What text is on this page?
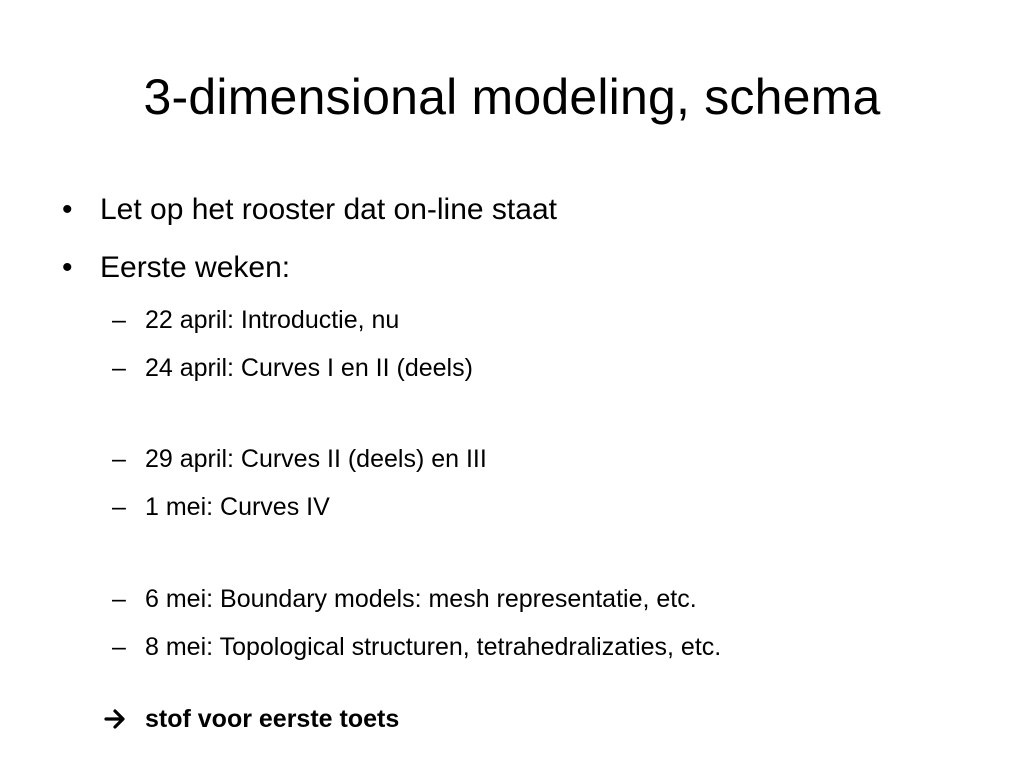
3-dimensional modeling, schema
• Let op het rooster dat on-line staat
• Eerste weken:
– 22 april: Introductie, nu
– 24 april: Curves I en II (deels)
– 29 april: Curves II (deels) en III
– 1 mei: Curves IV
– 6 mei: Boundary models: mesh representatie, etc.
– 8 mei: Topological structuren, tetrahedralizaties, etc.
stof voor eerste toets
